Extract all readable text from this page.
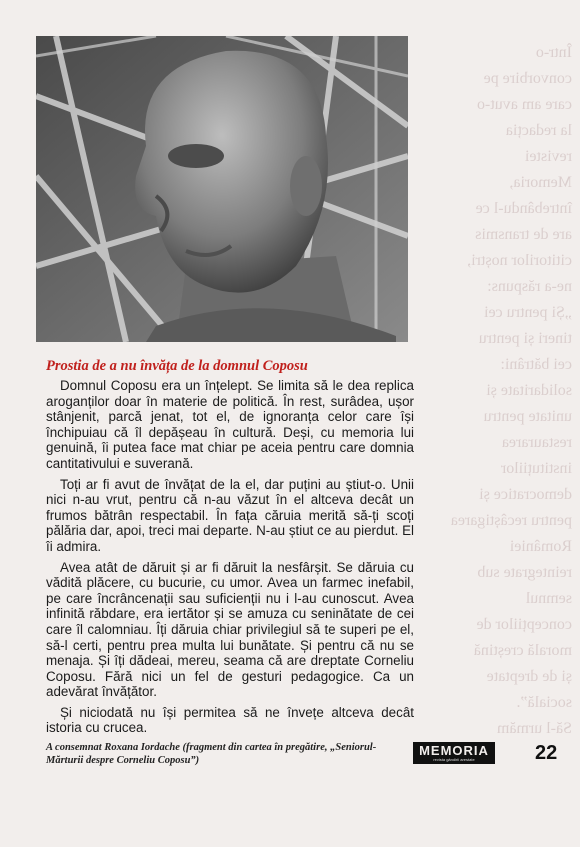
Într-o
convorbire pe
care am avut-o
la redacția
revistei
Memoria,
întrebându-l ce
are de transmis
cititorilor noștri,
ne-a răspuns:
„Și pentru cei
tineri și pentru
cei bătrâni:
solidaritate și
unitate pentru
restaurarea
instituțiilor
democratice și
pentru recâștigarea
României
reintegrate sub
semnul
concepțiilor de
morală creștină
și de dreptate
socială”.
Să-l urmăm
Prostia de a nu învăța de la domnul Coposu

Domnul Coposu era un înțelept. Se limita să le dea replica aroganților doar în materie de politică. În rest, surâdea, ușor stânjenit, parcă jenat, tot el, de ignoranța celor care își închipuiau că îl depășeau în cultură. Deși, cu memoria lui genuină, îi putea face mat chiar pe aceia pentru care domnia cantitativului e suverană.

Toți ar fi avut de învățat de la el, dar puțini au știut-o. Unii nici n-au vrut, pentru că n-au văzut în el altceva decât un frumos bătrân respectabil. În fața căruia merită să-ți scoți pălăria dar, apoi, treci mai departe. N-au știut ce au pierdut. El îi admira.

Avea atât de dăruit și ar fi dăruit la nesfârșit. Se dăruia cu vădită plăcere, cu bucurie, cu umor. Avea un farmec inefabil, pe care încrâncenații sau suficienții nu i l-au cunoscut. Avea infinită răbdare, era iertător și se amuza cu seninătate de cei care îl calomniau. Îți dăruia chiar privilegiul să te superi pe el, să-l certi, pentru prea multa lui bunătate. Și pentru că nu se menaja. Și îți dădeai, mereu, seama că are dreptate Corneliu Coposu. Fără nici un fel de gesturi pedagogice. Ca un adevărat învățător.

Și niciodată nu își permitea să ne învețe altceva decât istoria cu crucea.

A consemnat Roxana Iordache (fragment din cartea în pregătire, „Seniorul-Mărturii despre Corneliu Coposu”)
MEMORIA
revista gândirii arestate	22
